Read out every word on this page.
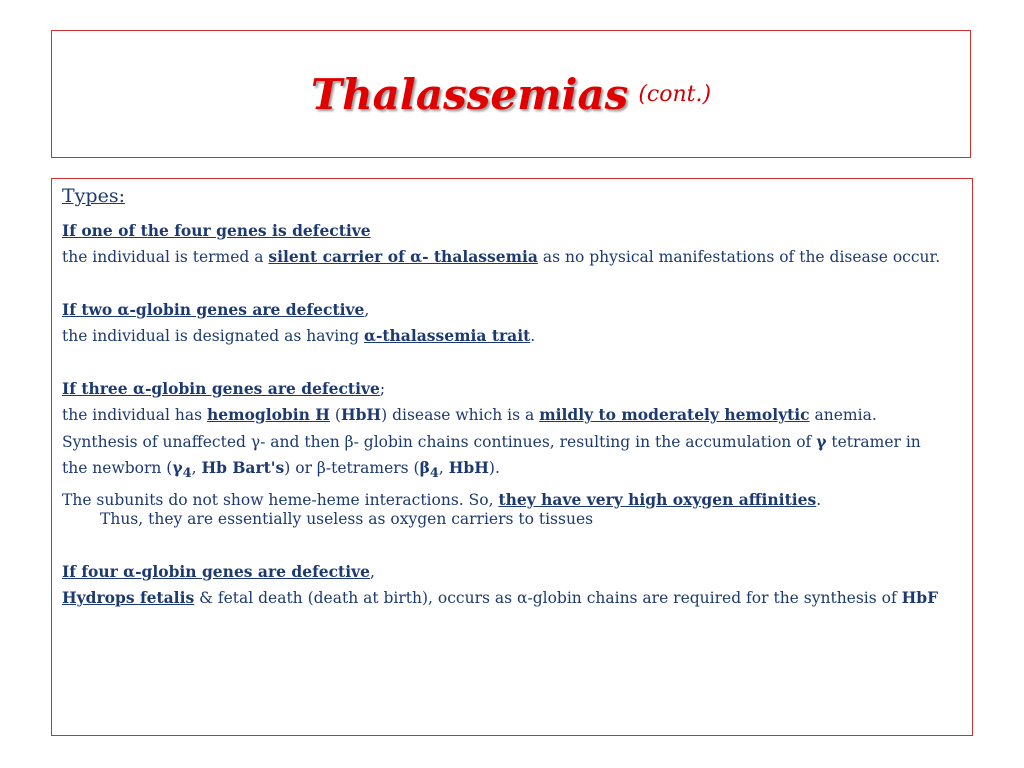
Thalassemias (cont.)

Types:

If one of the four genes is defective

the individual is termed a silent carrier of α- thalassemia as no physical manifestations of the disease occur.

If two α-globin genes are defective,

the individual is designated as having α-thalassemia trait.

If three α-globin genes are defective;

the individual has hemoglobin H (HbH) disease which is a mildly to moderately hemolytic anemia.

Synthesis of unaffected γ- and then β- globin chains continues, resulting in the accumulation of γ tetramer in the newborn ($\gamma_4$, Hb Bart's) or β-tetramers ($\beta_4$, HbH).

The subunits do not show heme-heme interactions. So, they have very high oxygen affinities.

Thus, they are essentially useless as oxygen carriers to tissues

If four α-globin genes are defective,

Hydrops fetalis & fetal death (death at birth), occurs as α-globin chains are required for the synthesis of HbF
